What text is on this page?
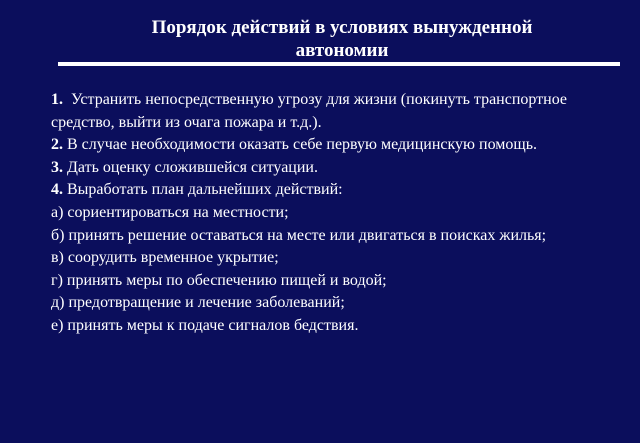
Порядок действий в условиях вынужденной
автономии

1.  Устранить непосредственную угрозу для жизни (покинуть транспортное средство, выйти из очага пожара и т.д.).

2. В случае необходимости оказать себе первую медицинскую помощь.

3. Дать оценку сложившейся ситуации.

4. Выработать план дальнейших действий:

а) сориентироваться на местности;

б) принять решение оставаться на месте или двигаться в поисках жилья;

в) соорудить временное укрытие;

г) принять меры по обеспечению пищей и водой;

д) предотвращение и лечение заболеваний;

е) принять меры к подаче сигналов бедствия.
